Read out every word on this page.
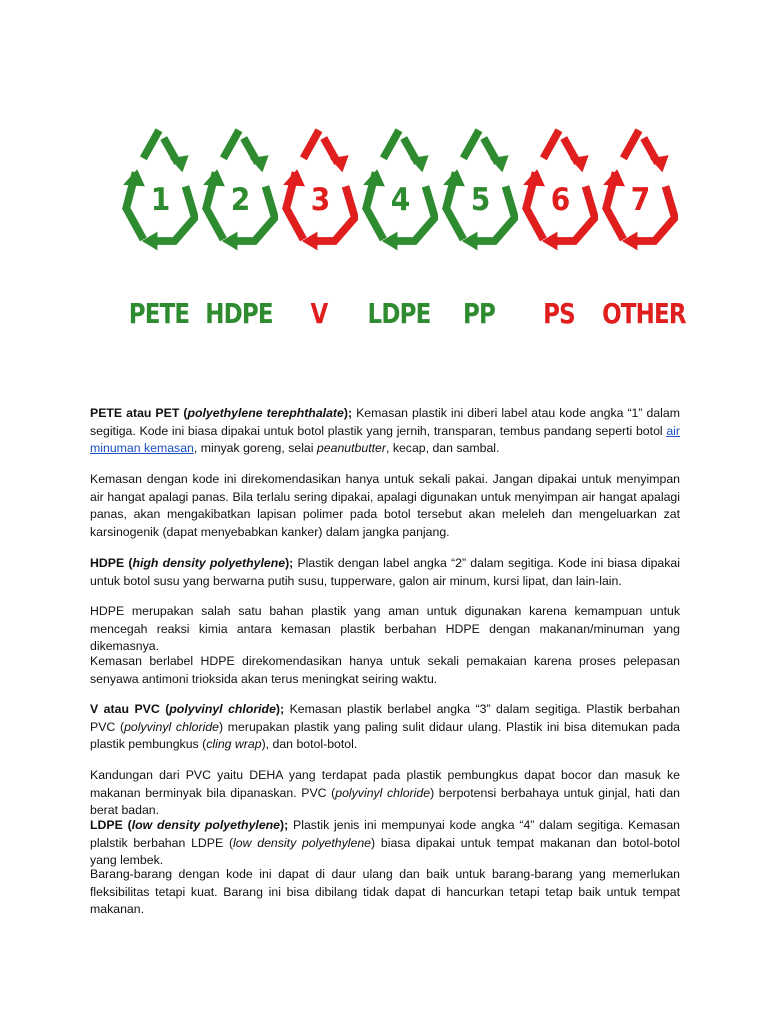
1
PETE
2
HDPE
3
V
4
LDPE
5
PP
6
PS
7
OTHER

PETE atau PET (polyethylene terephthalate); Kemasan plastik ini diberi label atau kode angka “1” dalam segitiga. Kode ini biasa dipakai untuk botol plastik yang jernih, transparan, tembus pandang seperti botol air minuman kemasan, minyak goreng, selai peanutbutter, kecap, dan sambal.

Kemasan dengan kode ini direkomendasikan hanya untuk sekali pakai. Jangan dipakai untuk menyimpan air hangat apalagi panas. Bila terlalu sering dipakai, apalagi digunakan untuk menyimpan air hangat apalagi panas, akan mengakibatkan lapisan polimer pada botol tersebut akan meleleh dan mengeluarkan zat karsinogenik (dapat menyebabkan kanker) dalam jangka panjang.

HDPE (high density polyethylene); Plastik dengan label angka “2” dalam segitiga. Kode ini biasa dipakai untuk botol susu yang berwarna putih susu, tupperware, galon air minum, kursi lipat, dan lain-lain.

HDPE merupakan salah satu bahan plastik yang aman untuk digunakan karena kemampuan untuk mencegah reaksi kimia antara kemasan plastik berbahan HDPE dengan makanan/minuman yang dikemasnya.

Kemasan berlabel HDPE direkomendasikan hanya untuk sekali pemakaian karena proses pelepasan senyawa antimoni trioksida akan terus meningkat seiring waktu.

V atau PVC (polyvinyl chloride); Kemasan plastik berlabel angka “3” dalam segitiga. Plastik berbahan PVC (polyvinyl chloride) merupakan plastik yang paling sulit didaur ulang. Plastik ini bisa ditemukan pada plastik pembungkus (cling wrap), dan botol-botol.

Kandungan dari PVC yaitu DEHA yang terdapat pada plastik pembungkus dapat bocor dan masuk ke makanan berminyak bila dipanaskan. PVC (polyvinyl chloride) berpotensi berbahaya untuk ginjal, hati dan berat badan.

LDPE (low density polyethylene); Plastik jenis ini mempunyai kode angka “4” dalam segitiga. Kemasan plalstik berbahan LDPE (low density polyethylene) biasa dipakai untuk tempat makanan dan botol-botol yang lembek.

Barang-barang dengan kode ini dapat di daur ulang dan baik untuk barang-barang yang memerlukan fleksibilitas tetapi kuat. Barang ini bisa dibilang tidak dapat di hancurkan tetapi tetap baik untuk tempat makanan.
